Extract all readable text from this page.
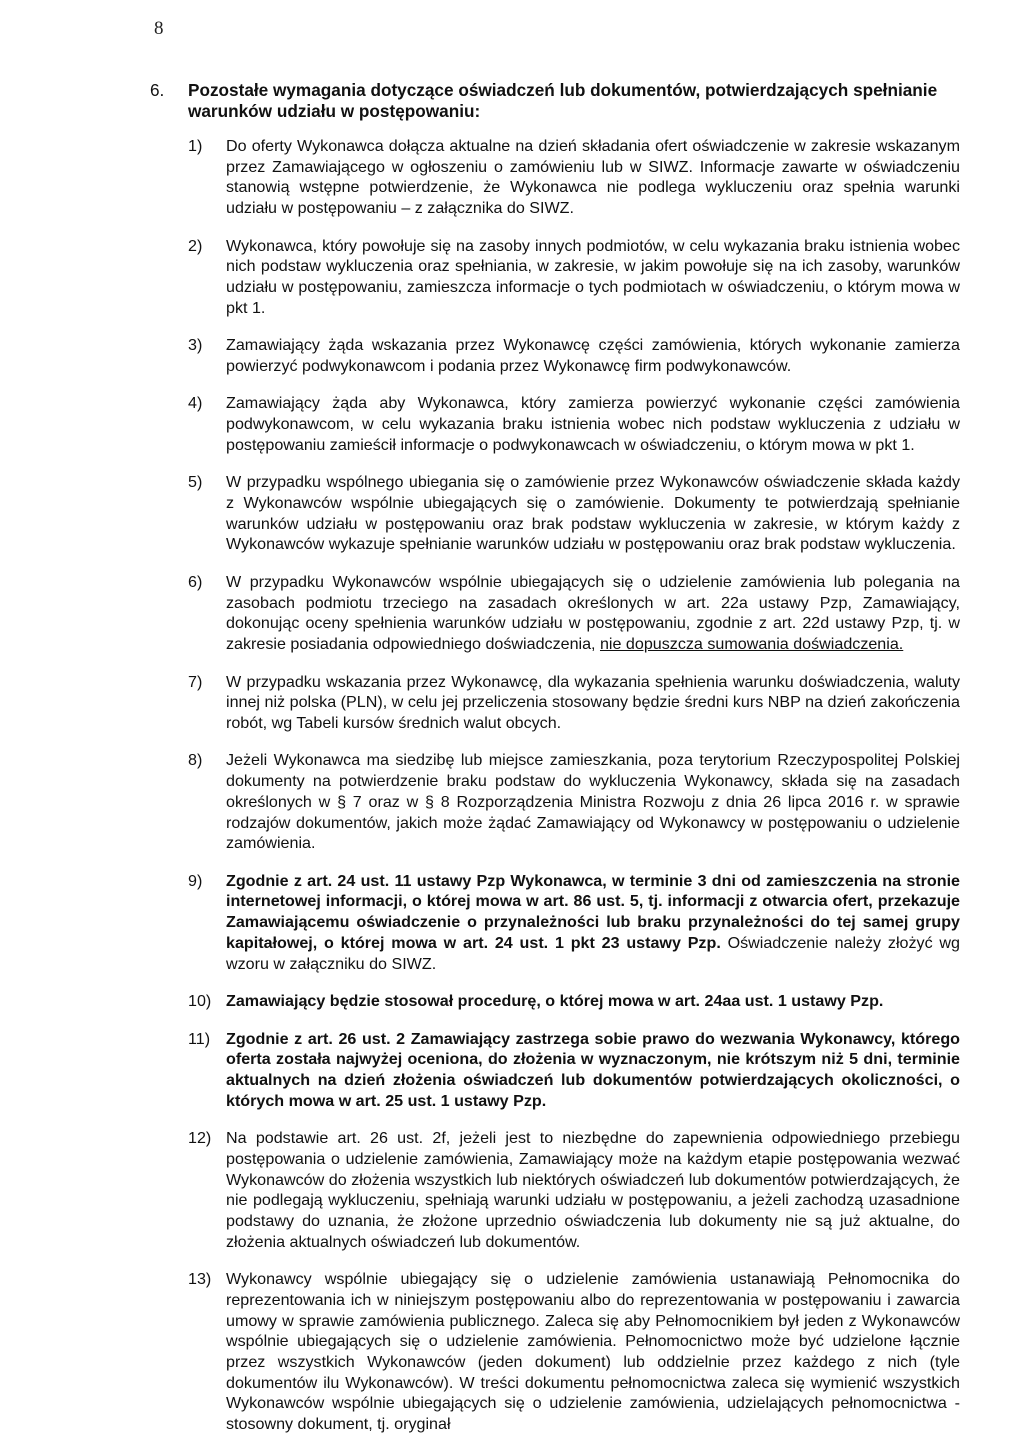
8
6.	Pozostałe wymagania dotyczące oświadczeń lub dokumentów, potwierdzających spełnianie warunków udziału w postępowaniu:
1)	Do oferty Wykonawca dołącza aktualne na dzień składania ofert oświadczenie w zakresie wskazanym przez Zamawiającego w ogłoszeniu o zamówieniu lub w SIWZ. Informacje zawarte w oświadczeniu stanowią wstępne potwierdzenie, że Wykonawca nie podlega wykluczeniu oraz spełnia warunki udziału w postępowaniu – z załącznika do SIWZ.
2)	Wykonawca, który powołuje się na zasoby innych podmiotów, w celu wykazania braku istnienia wobec nich podstaw wykluczenia oraz spełniania, w zakresie, w jakim powołuje się na ich zasoby, warunków udziału w postępowaniu, zamieszcza informacje o tych podmiotach w oświadczeniu, o którym mowa w pkt 1.
3)	Zamawiający żąda wskazania przez Wykonawcę części zamówienia, których wykonanie zamierza powierzyć podwykonawcom i podania przez Wykonawcę firm podwykonawców.
4)	Zamawiający żąda aby Wykonawca, który zamierza powierzyć wykonanie części zamówienia podwykonawcom, w celu wykazania braku istnienia wobec nich podstaw wykluczenia z udziału w postępowaniu zamieścił informacje o podwykonawcach w oświadczeniu, o którym mowa w pkt 1.
5)	W przypadku wspólnego ubiegania się o zamówienie przez Wykonawców oświadczenie składa każdy z Wykonawców wspólnie ubiegających się o zamówienie. Dokumenty te potwierdzają spełnianie warunków udziału w postępowaniu oraz brak podstaw wykluczenia w zakresie, w którym każdy z Wykonawców wykazuje spełnianie warunków udziału w postępowaniu oraz brak podstaw wykluczenia.
6)	W przypadku Wykonawców wspólnie ubiegających się o udzielenie zamówienia lub polegania na zasobach podmiotu trzeciego na zasadach określonych w art. 22a ustawy Pzp, Zamawiający, dokonując oceny spełnienia warunków udziału w postępowaniu, zgodnie z art. 22d ustawy Pzp, tj. w zakresie posiadania odpowiedniego doświadczenia, nie dopuszcza sumowania doświadczenia.
7)	W przypadku wskazania przez Wykonawcę, dla wykazania spełnienia warunku doświadczenia, waluty innej niż polska (PLN), w celu jej przeliczenia stosowany będzie średni kurs NBP na dzień zakończenia robót, wg Tabeli kursów średnich walut obcych.
8)	Jeżeli Wykonawca ma siedzibę lub miejsce zamieszkania, poza terytorium Rzeczypospolitej Polskiej dokumenty na potwierdzenie braku podstaw do wykluczenia Wykonawcy, składa się na zasadach określonych w § 7 oraz w § 8 Rozporządzenia Ministra Rozwoju z dnia 26 lipca 2016 r. w sprawie rodzajów dokumentów, jakich może żądać Zamawiający od Wykonawcy w postępowaniu o udzielenie zamówienia.
9)	Zgodnie z art. 24 ust. 11 ustawy Pzp Wykonawca, w terminie 3 dni od zamieszczenia na stronie internetowej informacji, o której mowa w art. 86 ust. 5, tj. informacji z otwarcia ofert, przekazuje Zamawiającemu oświadczenie o przynależności lub braku przynależności do tej samej grupy kapitałowej, o której mowa w art. 24 ust. 1 pkt 23 ustawy Pzp. Oświadczenie należy złożyć wg wzoru w załączniku do SIWZ.
10) Zamawiający będzie stosował procedurę, o której mowa w art. 24aa ust. 1 ustawy Pzp.
11) Zgodnie z art. 26 ust. 2 Zamawiający zastrzega sobie prawo do wezwania Wykonawcy, którego oferta została najwyżej oceniona, do złożenia w wyznaczonym, nie krótszym niż 5 dni, terminie aktualnych na dzień złożenia oświadczeń lub dokumentów potwierdzających okoliczności, o których mowa w art. 25 ust. 1 ustawy Pzp.
12) Na podstawie art. 26 ust. 2f, jeżeli jest to niezbędne do zapewnienia odpowiedniego przebiegu postępowania o udzielenie zamówienia, Zamawiający może na każdym etapie postępowania wezwać Wykonawców do złożenia wszystkich lub niektórych oświadczeń lub dokumentów potwierdzających, że nie podlegają wykluczeniu, spełniają warunki udziału w postępowaniu, a jeżeli zachodzą uzasadnione podstawy do uznania, że złożone uprzednio oświadczenia lub dokumenty nie są już aktualne, do złożenia aktualnych oświadczeń lub dokumentów.
13) Wykonawcy wspólnie ubiegający się o udzielenie zamówienia ustanawiają Pełnomocnika do reprezentowania ich w niniejszym postępowaniu albo do reprezentowania w postępowaniu i zawarcia umowy w sprawie zamówienia publicznego. Zaleca się aby Pełnomocnikiem był jeden z Wykonawców wspólnie ubiegających się o udzielenie zamówienia. Pełnomocnictwo może być udzielone łącznie przez wszystkich Wykonawców (jeden dokument) lub oddzielnie przez każdego z nich (tyle dokumentów ilu Wykonawców). W treści dokumentu pełnomocnictwa zaleca się wymienić wszystkich Wykonawców wspólnie ubiegających się o udzielenie zamówienia, udzielających pełnomocnictwa - stosowny dokument, tj. oryginał
